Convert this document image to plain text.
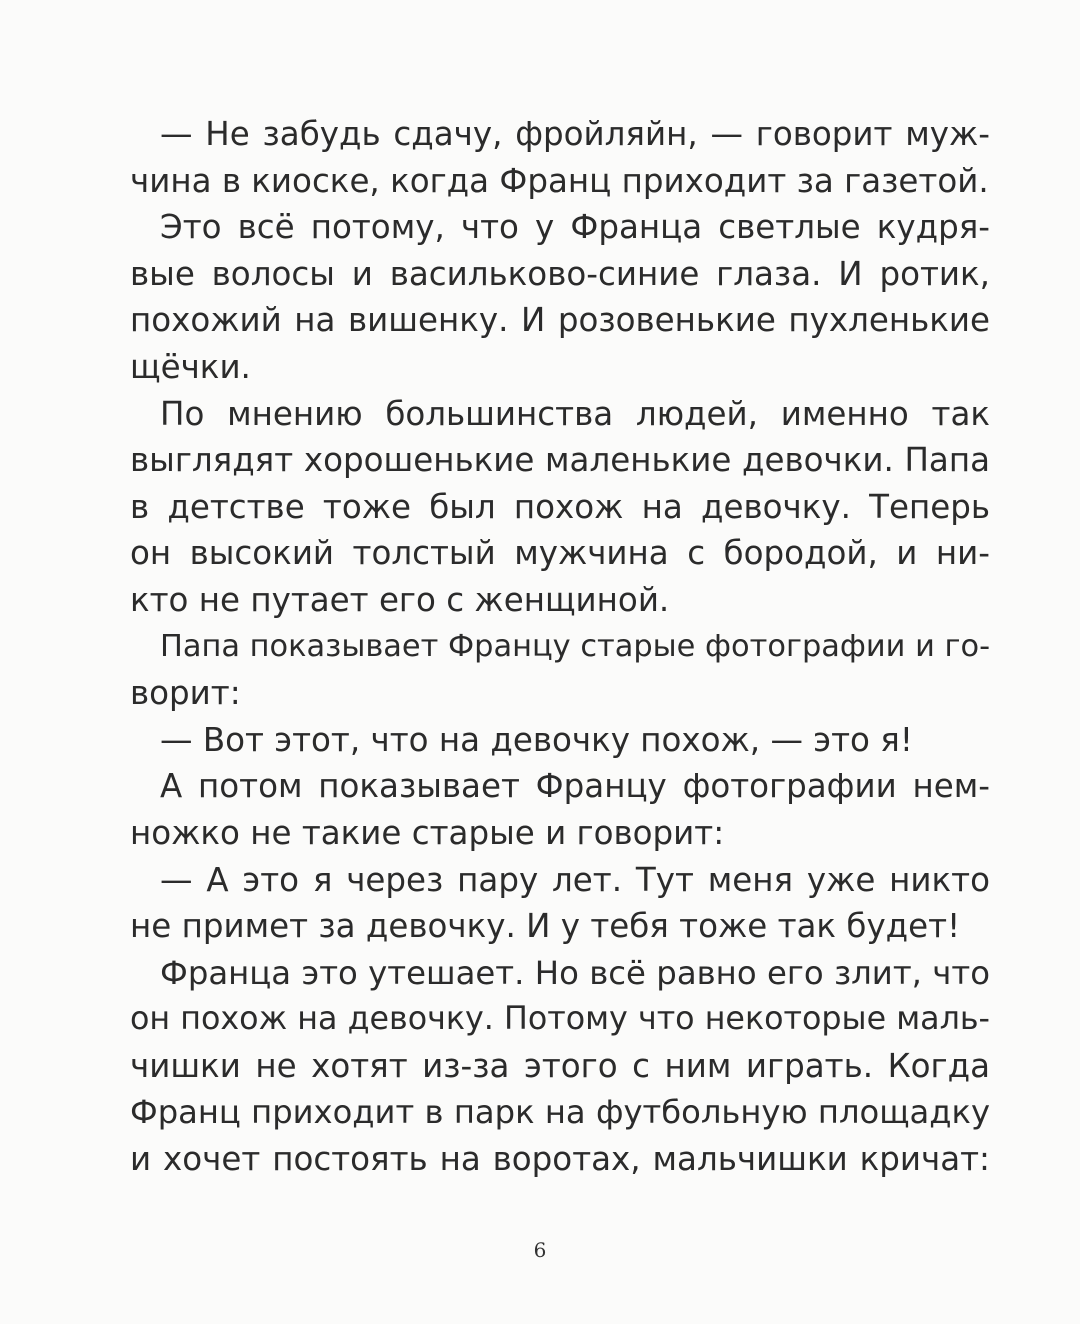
— Не забудь сдачу, фройляйн, — говорит муж-
чина в киоске, когда Франц приходит за газетой.
Это всё потому, что у Франца светлые кудря-
вые волосы и васильково-синие глаза. И ротик,
похожий на вишенку. И розовенькие пухленькие
щёчки.
По мнению большинства людей, именно так
выглядят хорошенькие маленькие девочки. Папа
в детстве тоже был похож на девочку. Теперь
он высокий толстый мужчина с бородой, и ни-
кто не путает его с женщиной.
Папа показывает Францу старые фотографии и го-
ворит:
— Вот этот, что на девочку похож, — это я!
А потом показывает Францу фотографии нем-
ножко не такие старые и говорит:
— А это я через пару лет. Тут меня уже никто
не примет за девочку. И у тебя тоже так будет!
Франца это утешает. Но всё равно его злит, что
он похож на девочку. Потому что некоторые маль-
чишки не хотят из-за этого с ним играть. Когда
Франц приходит в парк на футбольную площадку
и хочет постоять на воротах, мальчишки кричат:
6
